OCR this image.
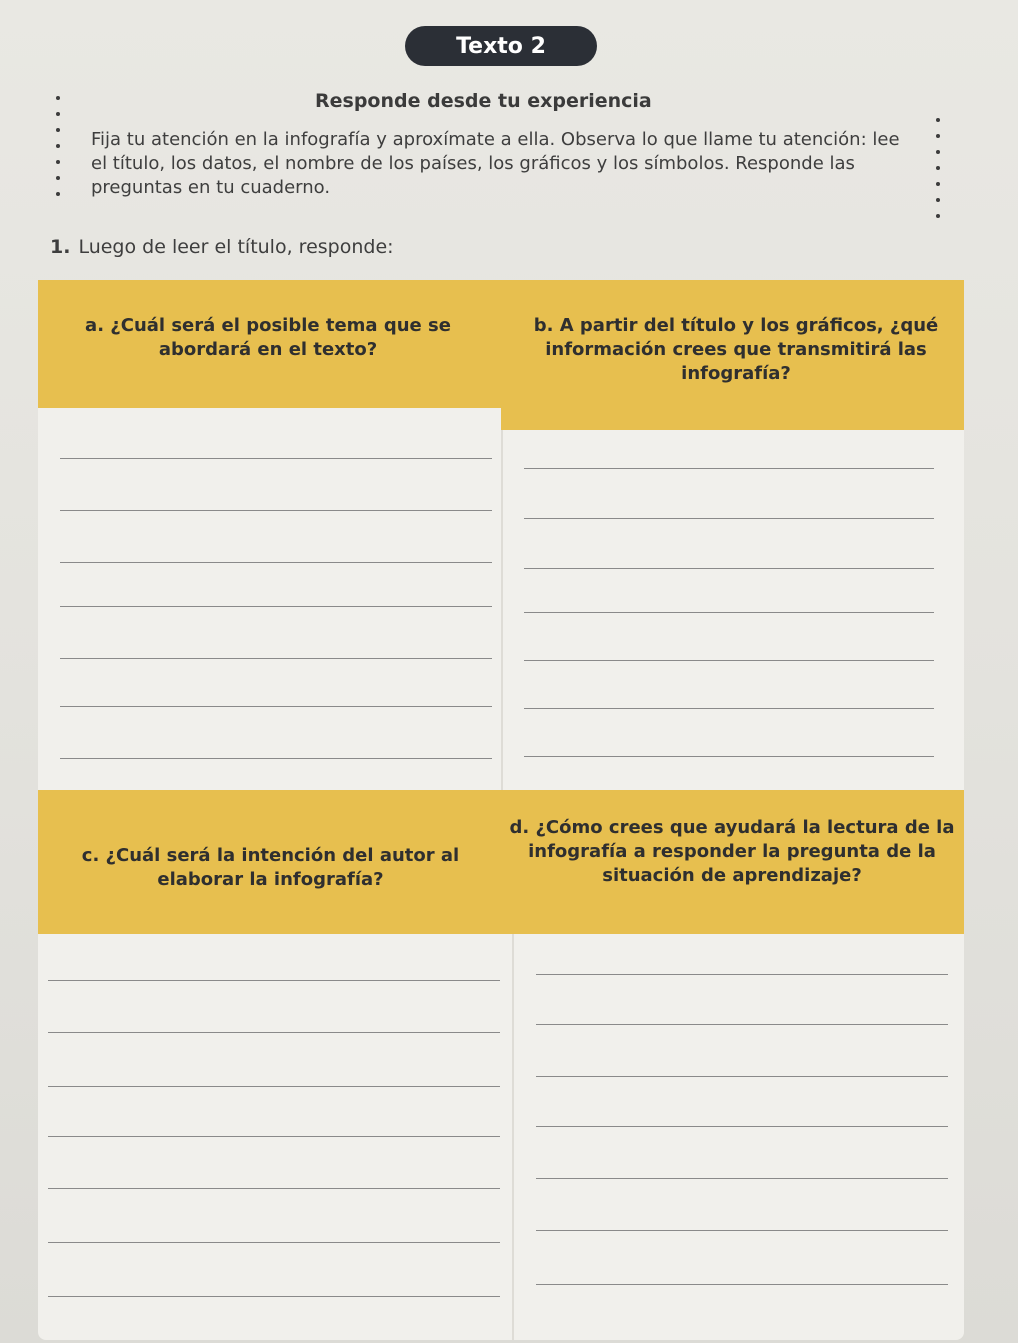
Texto 2
Responde desde tu experiencia
Fija tu atención en la infografía y aproxímate a ella. Observa lo que llame tu atención: lee el título, los datos, el nombre de los países, los gráficos y los símbolos. Responde las preguntas en tu cuaderno.
1. Luego de leer el título, responde:
a. ¿Cuál será el posible tema que se abordará en el texto?
b. A partir del título y los gráficos, ¿qué información crees que transmitirá las infografía?
c. ¿Cuál será la intención del autor al elaborar la infografía?
d. ¿Cómo crees que ayudará la lectura de la infografía a responder la pregunta de la situación de aprendizaje?
